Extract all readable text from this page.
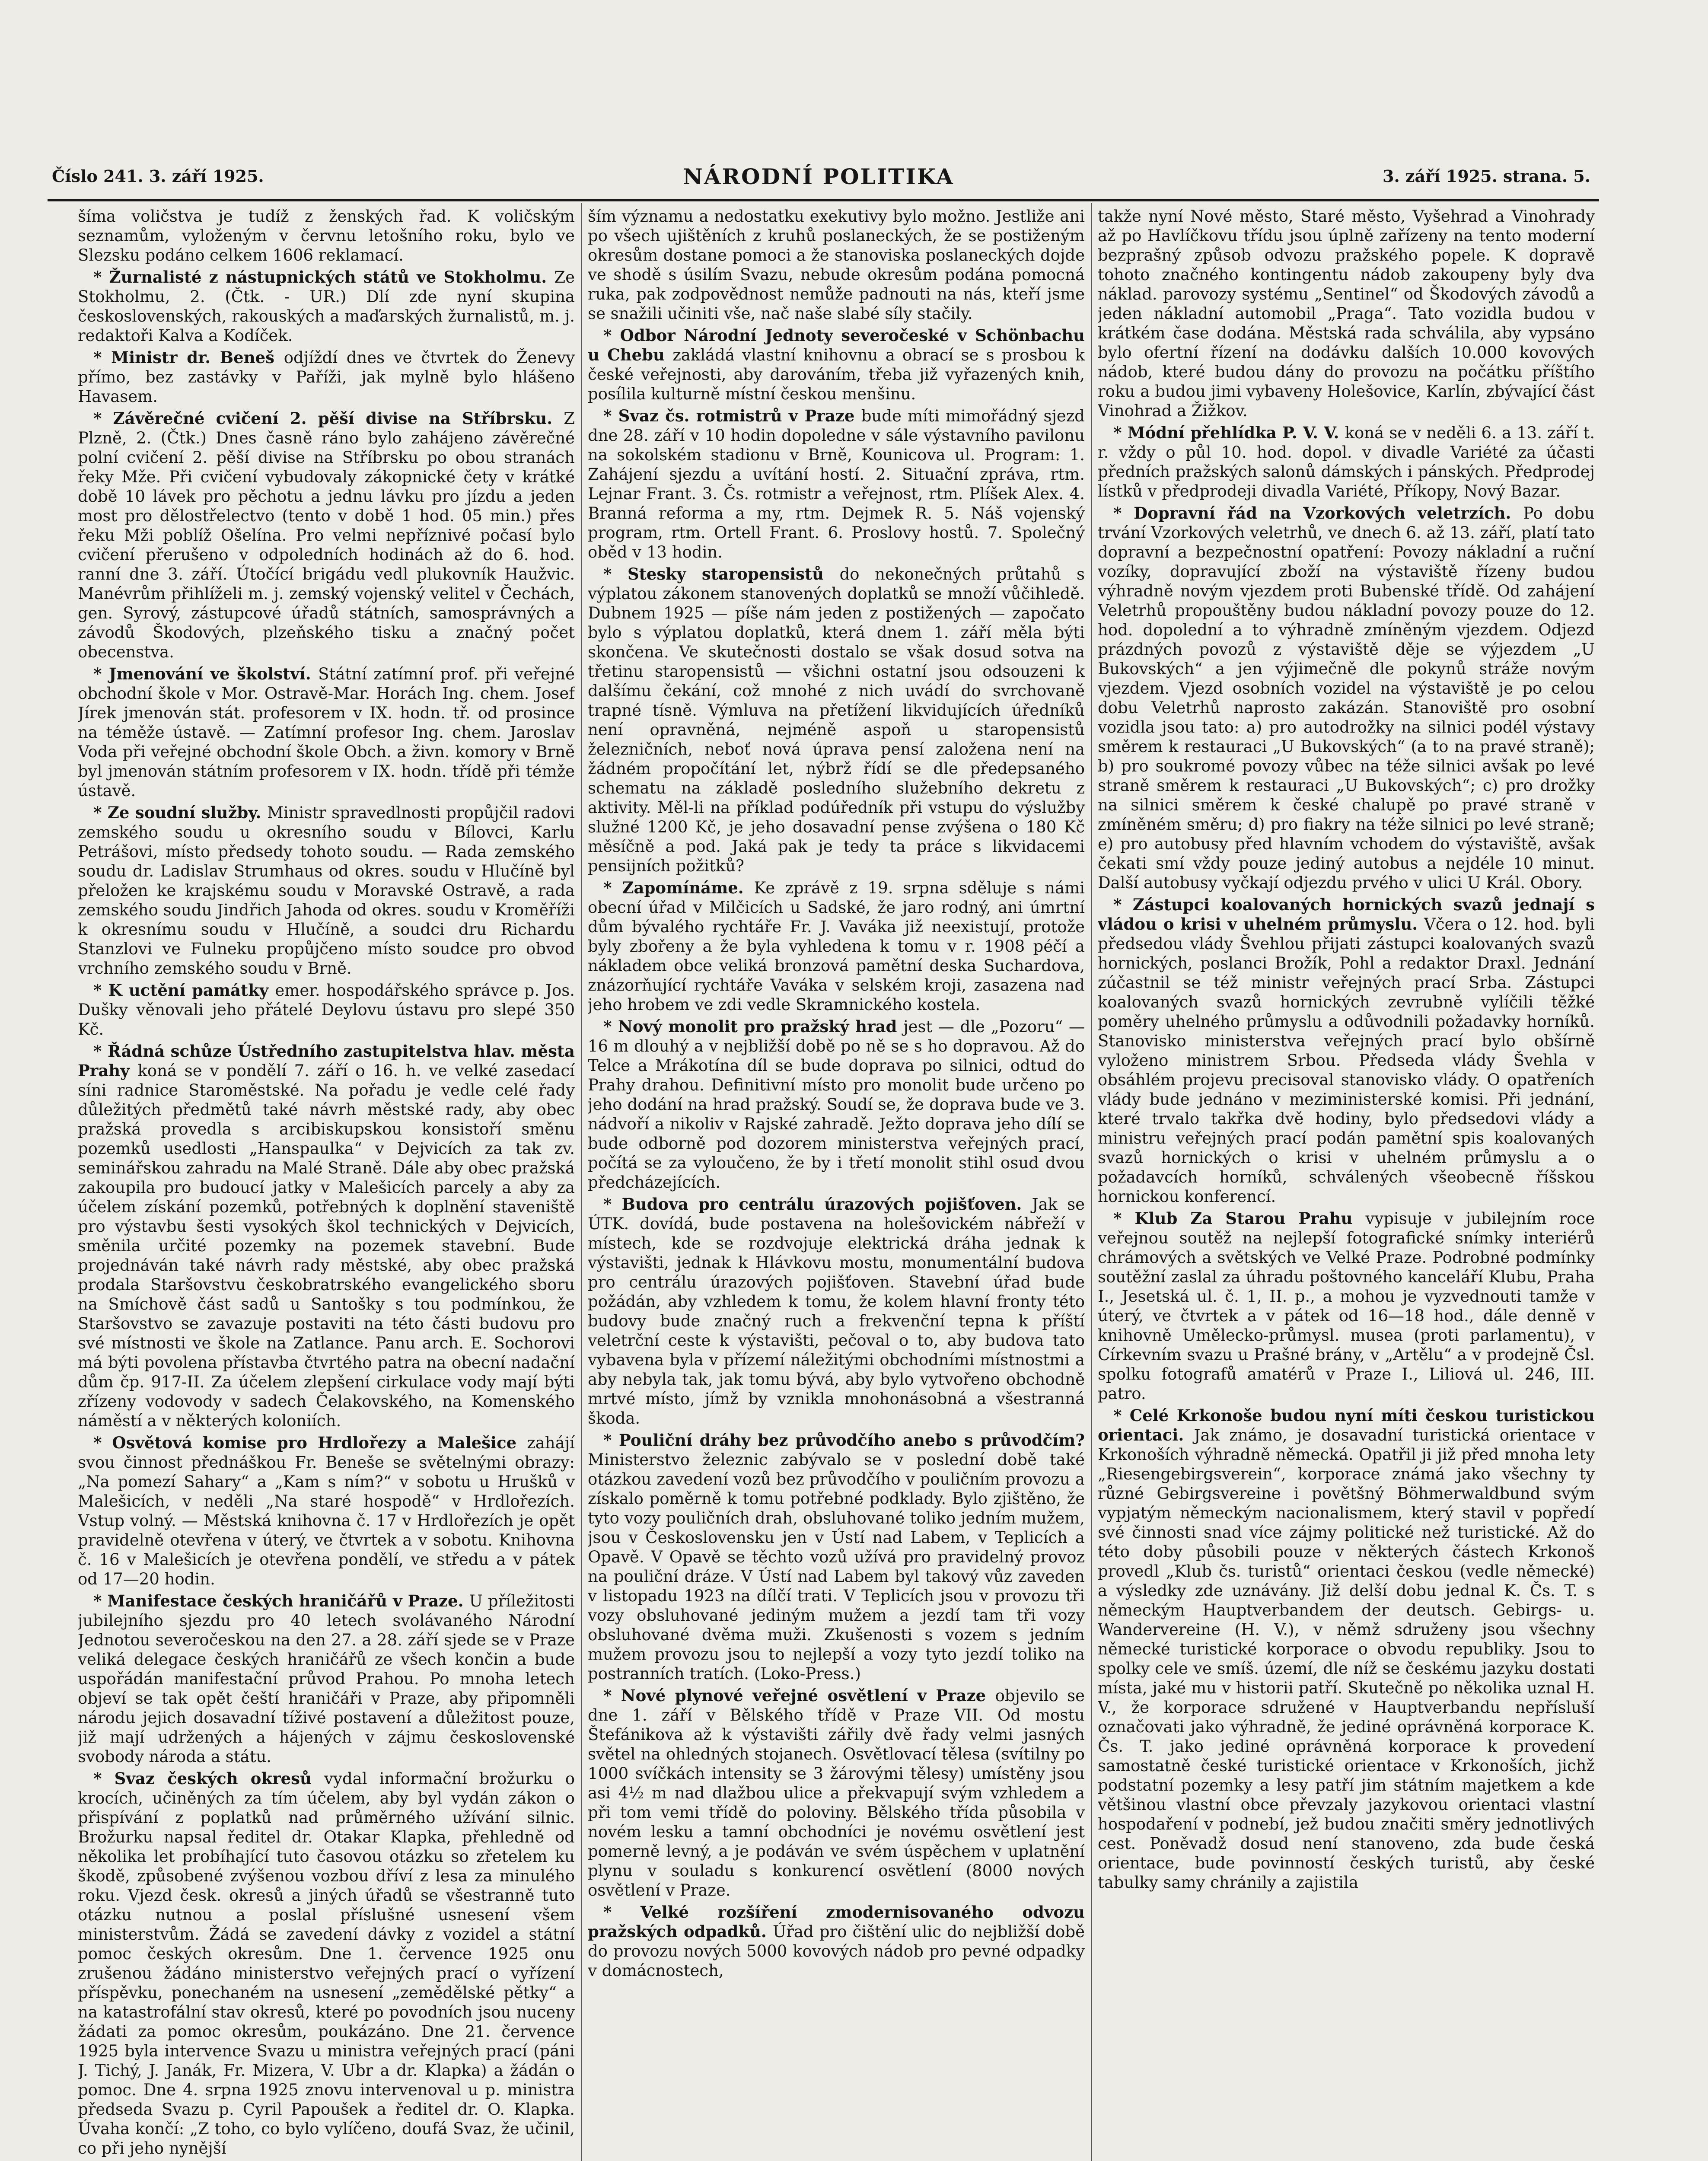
Číslo 241. 3. září 1925.	NÁRODNÍ POLITIKA	3. září 1925. strana. 5.

šíma voličstva je tudíž z ženských řad. K voličským seznamům, vyloženým v červnu letošního roku, bylo ve Slezsku podáno celkem 1606 reklamací.

* Žurnalisté z nástupnických států ve Stokholmu. Ze Stokholmu, 2. (Čtk. - UR.) Dlí zde nyní skupina československých, rakouských a maďarských žurnalistů, m. j. redaktoři Kalva a Kodíček.

* Ministr dr. Beneš odjíždí dnes ve čtvrtek do Ženevy přímo, bez zastávky v Paříži, jak mylně bylo hlášeno Havasem.

* Závěrečné cvičení 2. pěší divise na Stříbrsku. Z Plzně, 2. (Čtk.) Dnes časně ráno bylo zahájeno závěrečné polní cvičení 2. pěší divise na Stříbrsku po obou stranách řeky Mže. Při cvičení vybudovaly zákopnické čety v krátké době 10 lávek pro pěchotu a jednu lávku pro jízdu a jeden most pro dělostřelectvo (tento v době 1 hod. 05 min.) přes řeku Mži poblíž Ošelína. Pro velmi nepříznivé počasí bylo cvičení přerušeno v odpoledních hodinách až do 6. hod. ranní dne 3. září. Útočící brigádu vedl plukovník Haužvic. Manévrům přihlíželi m. j. zemský vojenský velitel v Čechách, gen. Syrový, zástupcové úřadů státních, samosprávných a závodů Škodových, plzeňského tisku a značný počet obecenstva.

* Jmenování ve školství. Státní zatímní prof. při veřejné obchodní škole v Mor. Ostravě-Mar. Horách Ing. chem. Josef Jírek jmenován stát. profesorem v IX. hodn. tř. od prosince na téměže ústavě. — Zatímní profesor Ing. chem. Jaroslav Voda při veřejné obchodní škole Obch. a živn. komory v Brně byl jmenován státním profesorem v IX. hodn. třídě při témže ústavě.

* Ze soudní služby. Ministr spravedlnosti propůjčil radovi zemského soudu u okresního soudu v Bílovci, Karlu Petrášovi, místo předsedy tohoto soudu. — Rada zemského soudu dr. Ladislav Strumhaus od okres. soudu v Hlučíně byl přeložen ke krajskému soudu v Moravské Ostravě, a rada zemského soudu Jindřich Jahoda od okres. soudu v Kroměříži k okresnímu soudu v Hlučíně, a soudci dru Richardu Stanzlovi ve Fulneku propůjčeno místo soudce pro obvod vrchního zemského soudu v Brně.

* K uctění památky emer. hospodářského správce p. Jos. Dušky věnovali jeho přátelé Deylovu ústavu pro slepé 350 Kč.

* Řádná schůze Ústředního zastupitelstva hlav. města Prahy koná se v pondělí 7. září o 16. h. ve velké zasedací síni radnice Staroměstské. Na pořadu je vedle celé řady důležitých předmětů také návrh městské rady, aby obec pražská provedla s arcibiskupskou konsistoří směnu pozemků usedlosti „Hanspaulka“ v Dejvicích za tak zv. seminářskou zahradu na Malé Straně. Dále aby obec pražská zakoupila pro budoucí jatky v Malešicích parcely a aby za účelem získání pozemků, potřebných k doplnění staveniště pro výstavbu šesti vysokých škol technických v Dejvicích, směnila určité pozemky na pozemek stavební. Bude projednáván také návrh rady městské, aby obec pražská prodala Staršovstvu českobratrského evangelického sboru na Smíchově část sadů u Santošky s tou podmínkou, že Staršovstvo se zavazuje postaviti na této části budovu pro své místnosti ve škole na Zatlance. Panu arch. E. Sochorovi má býti povolena přístavba čtvrtého patra na obecní nadační dům čp. 917-II. Za účelem zlepšení cirkulace vody mají býti zřízeny vodovody v sadech Čelakovského, na Komenského náměstí a v některých koloniích.

* Osvětová komise pro Hrdlořezy a Malešice zahájí svou činnost přednáškou Fr. Beneše se světelnými obrazy: „Na pomezí Sahary“ a „Kam s ním?“ v sobotu u Hrušků v Malešicích, v neděli „Na staré hospodě“ v Hrdlořezích. Vstup volný. — Městská knihovna č. 17 v Hrdlořezích je opět pravidelně otevřena v úterý, ve čtvrtek a v sobotu. Knihovna č. 16 v Malešicích je otevřena pondělí, ve středu a v pátek od 17—20 hodin.

* Manifestace českých hraničářů v Praze. U příležitosti jubilejního sjezdu pro 40 letech svolávaného Národní Jednotou severočeskou na den 27. a 28. září sjede se v Praze veliká delegace českých hraničářů ze všech končin a bude uspořádán manifestační průvod Prahou. Po mnoha letech objeví se tak opět čeští hraničáři v Praze, aby připomněli národu jejich dosavadní tíživé postavení a důležitost pouze, již mají udržených a hájených v zájmu československé svobody národa a státu.

* Svaz českých okresů vydal informační brožurku o krocích, učiněných za tím účelem, aby byl vydán zákon o přispívání z poplatků nad průměrného užívání silnic. Brožurku napsal ředitel dr. Otakar Klapka, přehledně od několika let probíhající tuto časovou otázku so zřetelem ku škodě, způsobené zvýšenou vozbou dříví z lesa za minulého roku. Vjezd česk. okresů a jiných úřadů se všestranně tuto otázku nutnou a poslal příslušné usnesení všem ministerstvům. Žádá se zavedení dávky z vozidel a státní pomoc českých okresům. Dne 1. července 1925 onu zrušenou žádáno ministerstvo veřejných prací o vyřízení příspěvku, ponechaném na usnesení „zemědělské pětky“ a na katastrofální stav okresů, které po povodních jsou nuceny žádati za pomoc okresům, poukázáno. Dne 21. července 1925 byla intervence Svazu u ministra veřejných prací (páni J. Tichý, J. Janák, Fr. Mizera, V. Ubr a dr. Klapka) a žádán o pomoc. Dne 4. srpna 1925 znovu intervenoval u p. ministra předseda Svazu p. Cyril Papoušek a ředitel dr. O. Klapka. Úvaha končí: „Z toho, co bylo vylíčeno, doufá Svaz, že učinil, co při jeho nynější

ším významu a nedostatku exekutivy bylo možno. Jestliže ani po všech ujištěních z kruhů poslaneckých, že se postiženým okresům dostane pomoci a že stanoviska poslaneckých dojde ve shodě s úsilím Svazu, nebude okresům podána pomocná ruka, pak zodpovědnost nemůže padnouti na nás, kteří jsme se snažili učiniti vše, nač naše slabé síly stačily.

* Odbor Národní Jednoty severočeské v Schönbachu u Chebu zakládá vlastní knihovnu a obrací se s prosbou k české veřejnosti, aby darováním, třeba již vyřazených knih, posílila kulturně místní českou menšinu.

* Svaz čs. rotmistrů v Praze bude míti mimořádný sjezd dne 28. září v 10 hodin dopoledne v sále výstavního pavilonu na sokolském stadionu v Brně, Kounicova ul. Program: 1. Zahájení sjezdu a uvítání hostí. 2. Situační zpráva, rtm. Lejnar Frant. 3. Čs. rotmistr a veřejnost, rtm. Plíšek Alex. 4. Branná reforma a my, rtm. Dejmek R. 5. Náš vojenský program, rtm. Ortell Frant. 6. Proslovy hostů. 7. Společný oběd v 13 hodin.

* Stesky staropensistů do nekonečných průtahů s výplatou zákonem stanovených doplatků se množí vůčihledě. Dubnem 1925 — píše nám jeden z postižených — započato bylo s výplatou doplatků, která dnem 1. září měla býti skončena. Ve skutečnosti dostalo se však dosud sotva na třetinu staropensistů — všichni ostatní jsou odsouzeni k dalšímu čekání, což mnohé z nich uvádí do svrchovaně trapné tísně. Výmluva na přetížení likvidujících úředníků není opravněná, nejméně aspoň u staropensistů železničních, neboť nová úprava pensí založena není na žádném propočítání let, nýbrž řídí se dle předepsaného schematu na základě posledního služebního dekretu z aktivity. Měl-li na příklad podúředník při vstupu do výslužby služné 1200 Kč, je jeho dosavadní pense zvýšena o 180 Kč měsíčně a pod. Jaká pak je tedy ta práce s likvidacemi pensijních požitků?

* Zapomínáme. Ke zprávě z 19. srpna sděluje s námi obecní úřad v Milčicích u Sadské, že jaro rodný, ani úmrtní dům bývalého rychtáře Fr. J. Vaváka již neexistují, protože byly zbořeny a že byla vyhledena k tomu v r. 1908 péčí a nákladem obce veliká bronzová pamětní deska Suchardova, znázorňující rychtáře Vaváka v selském kroji, zasazena nad jeho hrobem ve zdi vedle Skramnického kostela.

* Nový monolit pro pražský hrad jest — dle „Pozoru“ — 16 m dlouhý a v nejbližší době po ně se s ho dopravou. Až do Telce a Mrákotína díl se bude doprava po silnici, odtud do Prahy drahou. Definitivní místo pro monolit bude určeno po jeho dodání na hrad pražský. Soudí se, že doprava bude ve 3. nádvoří a nikoliv v Rajské zahradě. Ježto doprava jeho dílí se bude odborně pod dozorem ministerstva veřejných prací, počítá se za vyloučeno, že by i třetí monolit stihl osud dvou předcházejících.

* Budova pro centrálu úrazových pojišťoven. Jak se ÚTK. dovídá, bude postavena na holešovickém nábřeží v místech, kde se rozdvojuje elektrická dráha jednak k výstavišti, jednak k Hlávkovu mostu, monumentální budova pro centrálu úrazových pojišťoven. Stavební úřad bude požádán, aby vzhledem k tomu, že kolem hlavní fronty této budovy bude značný ruch a frekvenční tepna k příští veletrční ceste k výstavišti, pečoval o to, aby budova tato vybavena byla v přízemí náležitými obchodními místnostmi a aby nebyla tak, jak tomu bývá, aby bylo vytvořeno obchodně mrtvé místo, jímž by vznikla mnohonásobná a všestranná škoda.

* Pouliční dráhy bez průvodčího anebo s průvodčím? Ministerstvo železnic zabývalo se v poslední době také otázkou zavedení vozů bez průvodčího v pouličním provozu a získalo poměrně k tomu potřebné podklady. Bylo zjištěno, že tyto vozy pouličních drah, obsluhované toliko jedním mužem, jsou v Československu jen v Ústí nad Labem, v Teplicích a Opavě. V Opavě se těchto vozů užívá pro pravidelný provoz na pouliční dráze. V Ústí nad Labem byl takový vůz zaveden v listopadu 1923 na dílčí trati. V Teplicích jsou v provozu tři vozy obsluhované jediným mužem a jezdí tam tři vozy obsluhované dvěma muži. Zkušenosti s vozem s jedním mužem provozu jsou to nejlepší a vozy tyto jezdí toliko na postranních tratích. (Loko-Press.)

* Nové plynové veřejné osvětlení v Praze objevilo se dne 1. září v Bělského třídě v Praze VII. Od mostu Štefánikova až k výstavišti zářily dvě řady velmi jasných světel na ohledných stojanech. Osvětlovací tělesa (svítilny po 1000 svíčkách intensity se 3 žárovými tělesy) umístěny jsou asi 4½ m nad dlažbou ulice a překvapují svým vzhledem a při tom vemi třídě do poloviny. Bělského třída působila v novém lesku a tamní obchodníci je novému osvětlení jest pomerně levný, a je podáván ve svém úspěchem v uplatnění plynu v souladu s konkurencí osvětlení (8000 nových osvětlení v Praze.

* Velké rozšíření zmodernisovaného odvozu pražských odpadků. Úřad pro čištění ulic do nejbližší době do provozu nových 5000 kovových nádob pro pevné odpadky v domácnostech,

takže nyní Nové město, Staré město, Vyšehrad a Vinohrady až po Havlíčkovu třídu jsou úplně zařízeny na tento moderní bezprašný způsob odvozu pražského popele. K dopravě tohoto značného kontingentu nádob zakoupeny byly dva náklad. parovozy systému „Sentinel“ od Škodových závodů a jeden nákladní automobil „Praga“. Tato vozidla budou v krátkém čase dodána. Městská rada schválila, aby vypsáno bylo ofertní řízení na dodávku dalších 10.000 kovových nádob, které budou dány do provozu na počátku příštího roku a budou jimi vybaveny Holešovice, Karlín, zbývající část Vinohrad a Žižkov.

* Módní přehlídka P. V. V. koná se v neděli 6. a 13. září t. r. vždy o půl 10. hod. dopol. v divadle Variété za účasti předních pražských salonů dámských i pánských. Předprodej lístků v předprodeji divadla Variété, Příkopy, Nový Bazar.

* Dopravní řád na Vzorkových veletrzích. Po dobu trvání Vzorkových veletrhů, ve dnech 6. až 13. září, platí tato dopravní a bezpečnostní opatření: Povozy nákladní a ruční vozíky, dopravující zboží na výstaviště řízeny budou výhradně novým vjezdem proti Bubenské třídě. Od zahájení Veletrhů propouštěny budou nákladní povozy pouze do 12. hod. dopolední a to výhradně zmíněným vjezdem. Odjezd prázdných povozů z výstaviště děje se výjezdem „U Bukovských“ a jen výjimečně dle pokynů stráže novým vjezdem. Vjezd osobních vozidel na výstaviště je po celou dobu Veletrhů naprosto zakázán. Stanoviště pro osobní vozidla jsou tato: a) pro autodrožky na silnici podél výstavy směrem k restauraci „U Bukovských“ (a to na pravé straně); b) pro soukromé povozy vůbec na téže silnici avšak po levé straně směrem k restauraci „U Bukovských“; c) pro drožky na silnici směrem k české chalupě po pravé straně v zmíněném směru; d) pro fiakry na téže silnici po levé straně; e) pro autobusy před hlavním vchodem do výstaviště, avšak čekati smí vždy pouze jediný autobus a nejdéle 10 minut. Další autobusy vyčkají odjezdu prvého v ulici U Král. Obory.

* Zástupci koalovaných hornických svazů jednají s vládou o krisi v uhelném průmyslu. Včera o 12. hod. byli předsedou vlády Švehlou přijati zástupci koalovaných svazů hornických, poslanci Brožík, Pohl a redaktor Draxl. Jednání zúčastnil se též ministr veřejných prací Srba. Zástupci koalovaných svazů hornických zevrubně vylíčili těžké poměry uhelného průmyslu a odůvodnili požadavky horníků. Stanovisko ministerstva veřejných prací bylo obšírně vyloženo ministrem Srbou. Předseda vlády Švehla v obsáhlém projevu precisoval stanovisko vlády. O opatřeních vlády bude jednáno v meziministerské komisi. Při jednání, které trvalo takřka dvě hodiny, bylo předsedovi vlády a ministru veřejných prací podán pamětní spis koalovaných svazů hornických o krisi v uhelném průmyslu a o požadavcích horníků, schválených všeobecně říšskou hornickou konferencí.

* Klub Za Starou Prahu vypisuje v jubilejním roce veřejnou soutěž na nejlepší fotografické snímky interiérů chrámových a světských ve Velké Praze. Podrobné podmínky soutěžní zaslal za úhradu poštovného kanceláří Klubu, Praha I., Jesetská ul. č. 1, II. p., a mohou je vyzvednouti tamže v úterý, ve čtvrtek a v pátek od 16—18 hod., dále denně v knihovně Umělecko-průmysl. musea (proti parlamentu), v Církevním svazu u Prašné brány, v „Artělu“ a v prodejně Čsl. spolku fotografů amatérů v Praze I., Liliová ul. 246, III. patro.

* Celé Krkonoše budou nyní míti českou turistickou orientaci. Jak známo, je dosavadní turistická orientace v Krkonoších výhradně německá. Opatřil ji již před mnoha lety „Riesengebirgsverein“, korporace známá jako všechny ty různé Gebirgsvereine i povětšný Böhmerwaldbund svým vypjatým německým nacionalismem, který stavil v popředí své činnosti snad více zájmy politické než turistické. Až do této doby působili pouze v některých částech Krkonoš provedl „Klub čs. turistů“ orientaci českou (vedle německé) a výsledky zde uznávány. Již delší dobu jednal K. Čs. T. s německým Hauptverbandem der deutsch. Gebirgs- u. Wandervereine (H. V.), v němž sdruženy jsou všechny německé turistické korporace o obvodu republiky. Jsou to spolky cele ve smíš. území, dle níž se českému jazyku dostati místa, jaké mu v historii patří. Skutečně po několika uznal H. V., že korporace sdružené v Hauptverbandu nepřísluší označovati jako výhradně, že jediné oprávněná korporace K. Čs. T. jako jediné oprávněná korporace k provedení samostatně české turistické orientace v Krkonoších, jichž podstatní pozemky a lesy patří jim státním majetkem a kde většinou vlastní obce převzaly jazykovou orientaci vlastní hospodaření v podnebí, jež budou značiti směry jednotlivých cest. Poněvadž dosud není stanoveno, zda bude česká orientace, bude povinností českých turistů, aby české tabulky samy chránily a zajistila
